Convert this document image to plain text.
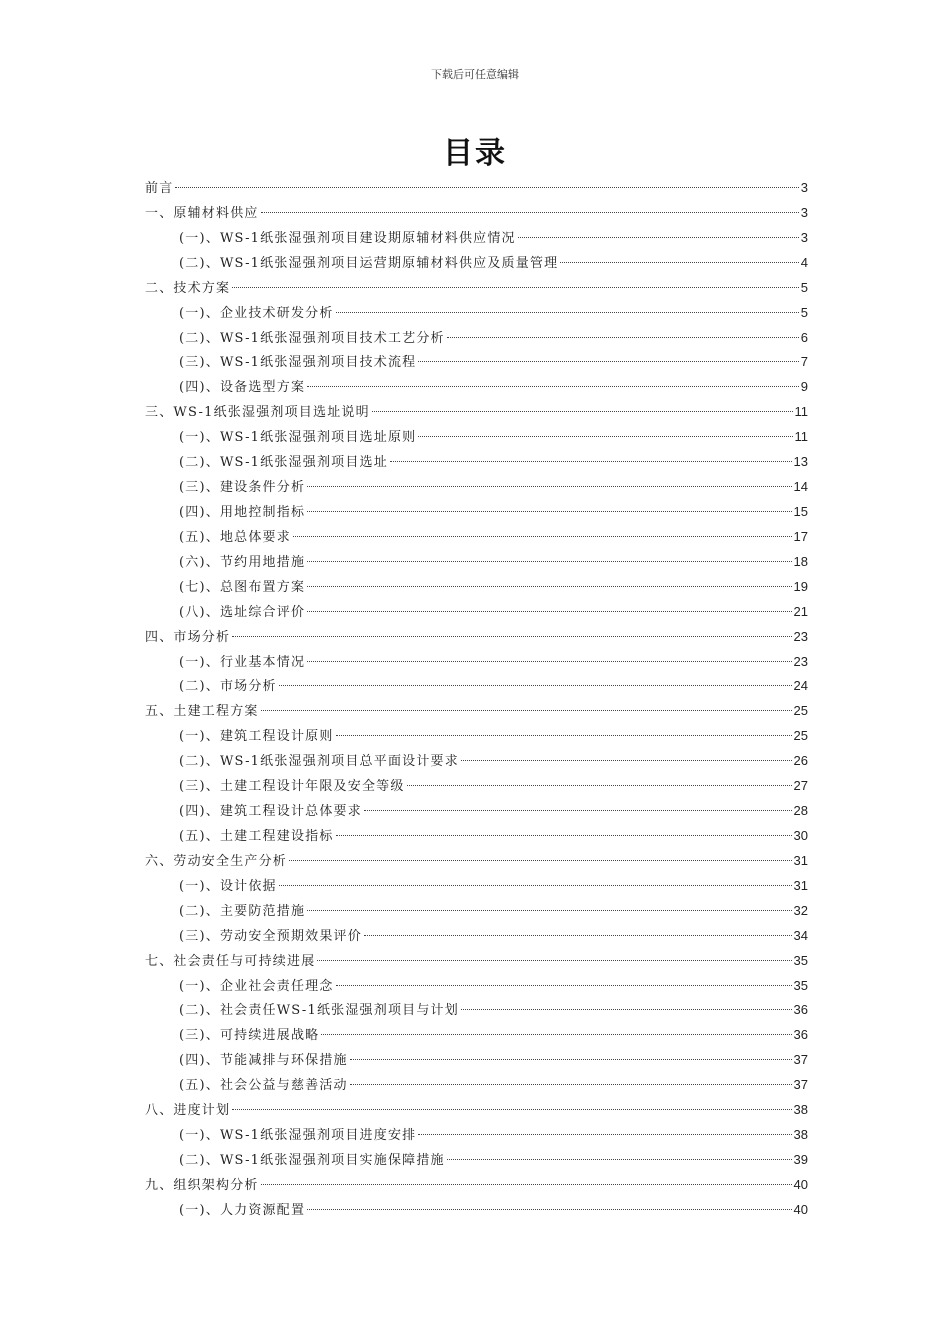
下载后可任意编辑
目录
前言	3
一、原辅材料供应	3
(一)、WS-1纸张湿强剂项目建设期原辅材料供应情况	3
(二)、WS-1纸张湿强剂项目运营期原辅材料供应及质量管理	4
二、技术方案	5
(一)、企业技术研发分析	5
(二)、WS-1纸张湿强剂项目技术工艺分析	6
(三)、WS-1纸张湿强剂项目技术流程	7
(四)、设备选型方案	9
三、WS-1纸张湿强剂项目选址说明	11
(一)、WS-1纸张湿强剂项目选址原则	11
(二)、WS-1纸张湿强剂项目选址	13
(三)、建设条件分析	14
(四)、用地控制指标	15
(五)、地总体要求	17
(六)、节约用地措施	18
(七)、总图布置方案	19
(八)、选址综合评价	21
四、市场分析	23
(一)、行业基本情况	23
(二)、市场分析	24
五、土建工程方案	25
(一)、建筑工程设计原则	25
(二)、WS-1纸张湿强剂项目总平面设计要求	26
(三)、土建工程设计年限及安全等级	27
(四)、建筑工程设计总体要求	28
(五)、土建工程建设指标	30
六、劳动安全生产分析	31
(一)、设计依据	31
(二)、主要防范措施	32
(三)、劳动安全预期效果评价	34
七、社会责任与可持续进展	35
(一)、企业社会责任理念	35
(二)、社会责任WS-1纸张湿强剂项目与计划	36
(三)、可持续进展战略	36
(四)、节能减排与环保措施	37
(五)、社会公益与慈善活动	37
八、进度计划	38
(一)、WS-1纸张湿强剂项目进度安排	38
(二)、WS-1纸张湿强剂项目实施保障措施	39
九、组织架构分析	40
(一)、人力资源配置	40
